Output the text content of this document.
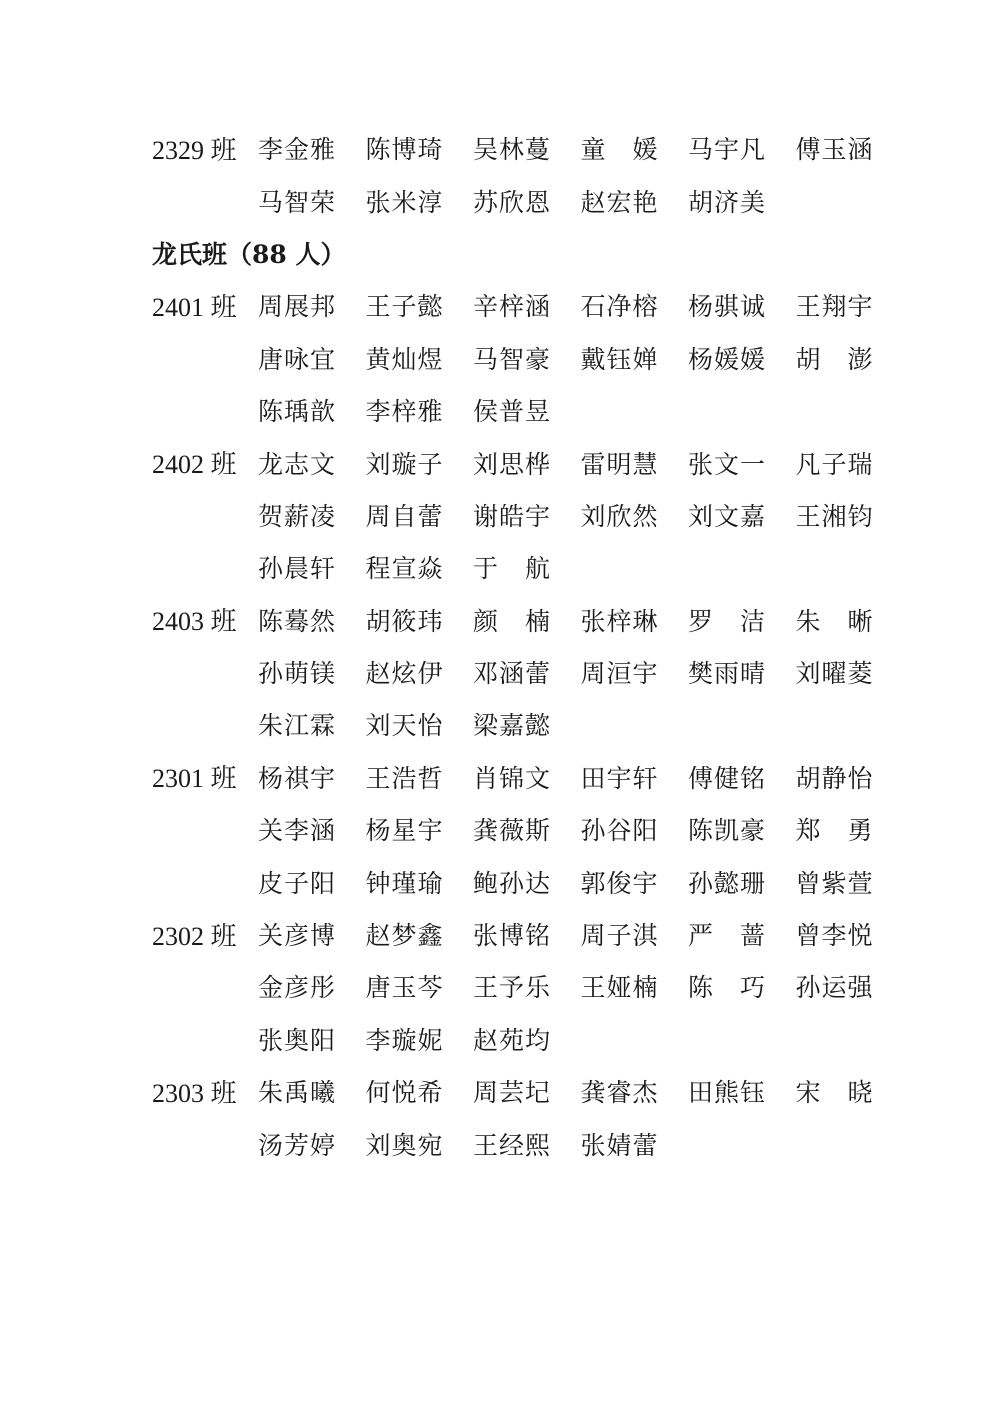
2329 班 李金雅	陈博琦	吴林蔓	童　媛	马宇凡	傅玉涵
马智荣	张米淳	苏欣恩	赵宏艳	胡济美
龙氏班（88 人）
2401 班 周展邦	王子懿	辛梓涵	石净榕	杨骐诚	王翔宇
唐咏宜	黄灿煜	马智豪	戴钰婵	杨媛媛	胡　澎
陈瑀歆	李梓雅	侯普昱
2402 班 龙志文	刘璇子	刘思桦	雷明慧	张文一	凡子瑞
贺薪凌	周自蕾	谢皓宇	刘欣然	刘文嘉	王湘钧
孙晨轩	程宣焱	于　航
2403 班 陈蓦然	胡筱玮	颜　楠	张梓琳	罗　洁	朱　晰
孙萌镁	赵炫伊	邓涵蕾	周洹宇	樊雨晴	刘曜菱
朱江霖	刘天怡	梁嘉懿
2301 班 杨祺宇	王浩哲	肖锦文	田宇轩	傅健铭	胡静怡
关李涵	杨星宇	龚薇斯	孙谷阳	陈凯豪	郑　勇
皮子阳	钟瑾瑜	鲍孙达	郭俊宇	孙懿珊	曾紫萱
2302 班 关彦博	赵梦鑫	张博铭	周子淇	严　蔷	曾李悦
金彦彤	唐玉芩	王予乐	王娅楠	陈　巧	孙运强
张奥阳	李璇妮	赵苑均
2303 班 朱禹曦	何悦希	周芸圮	龚睿杰	田熊钰	宋　晓
汤芳婷	刘奥宛	王经熙	张婧蕾
